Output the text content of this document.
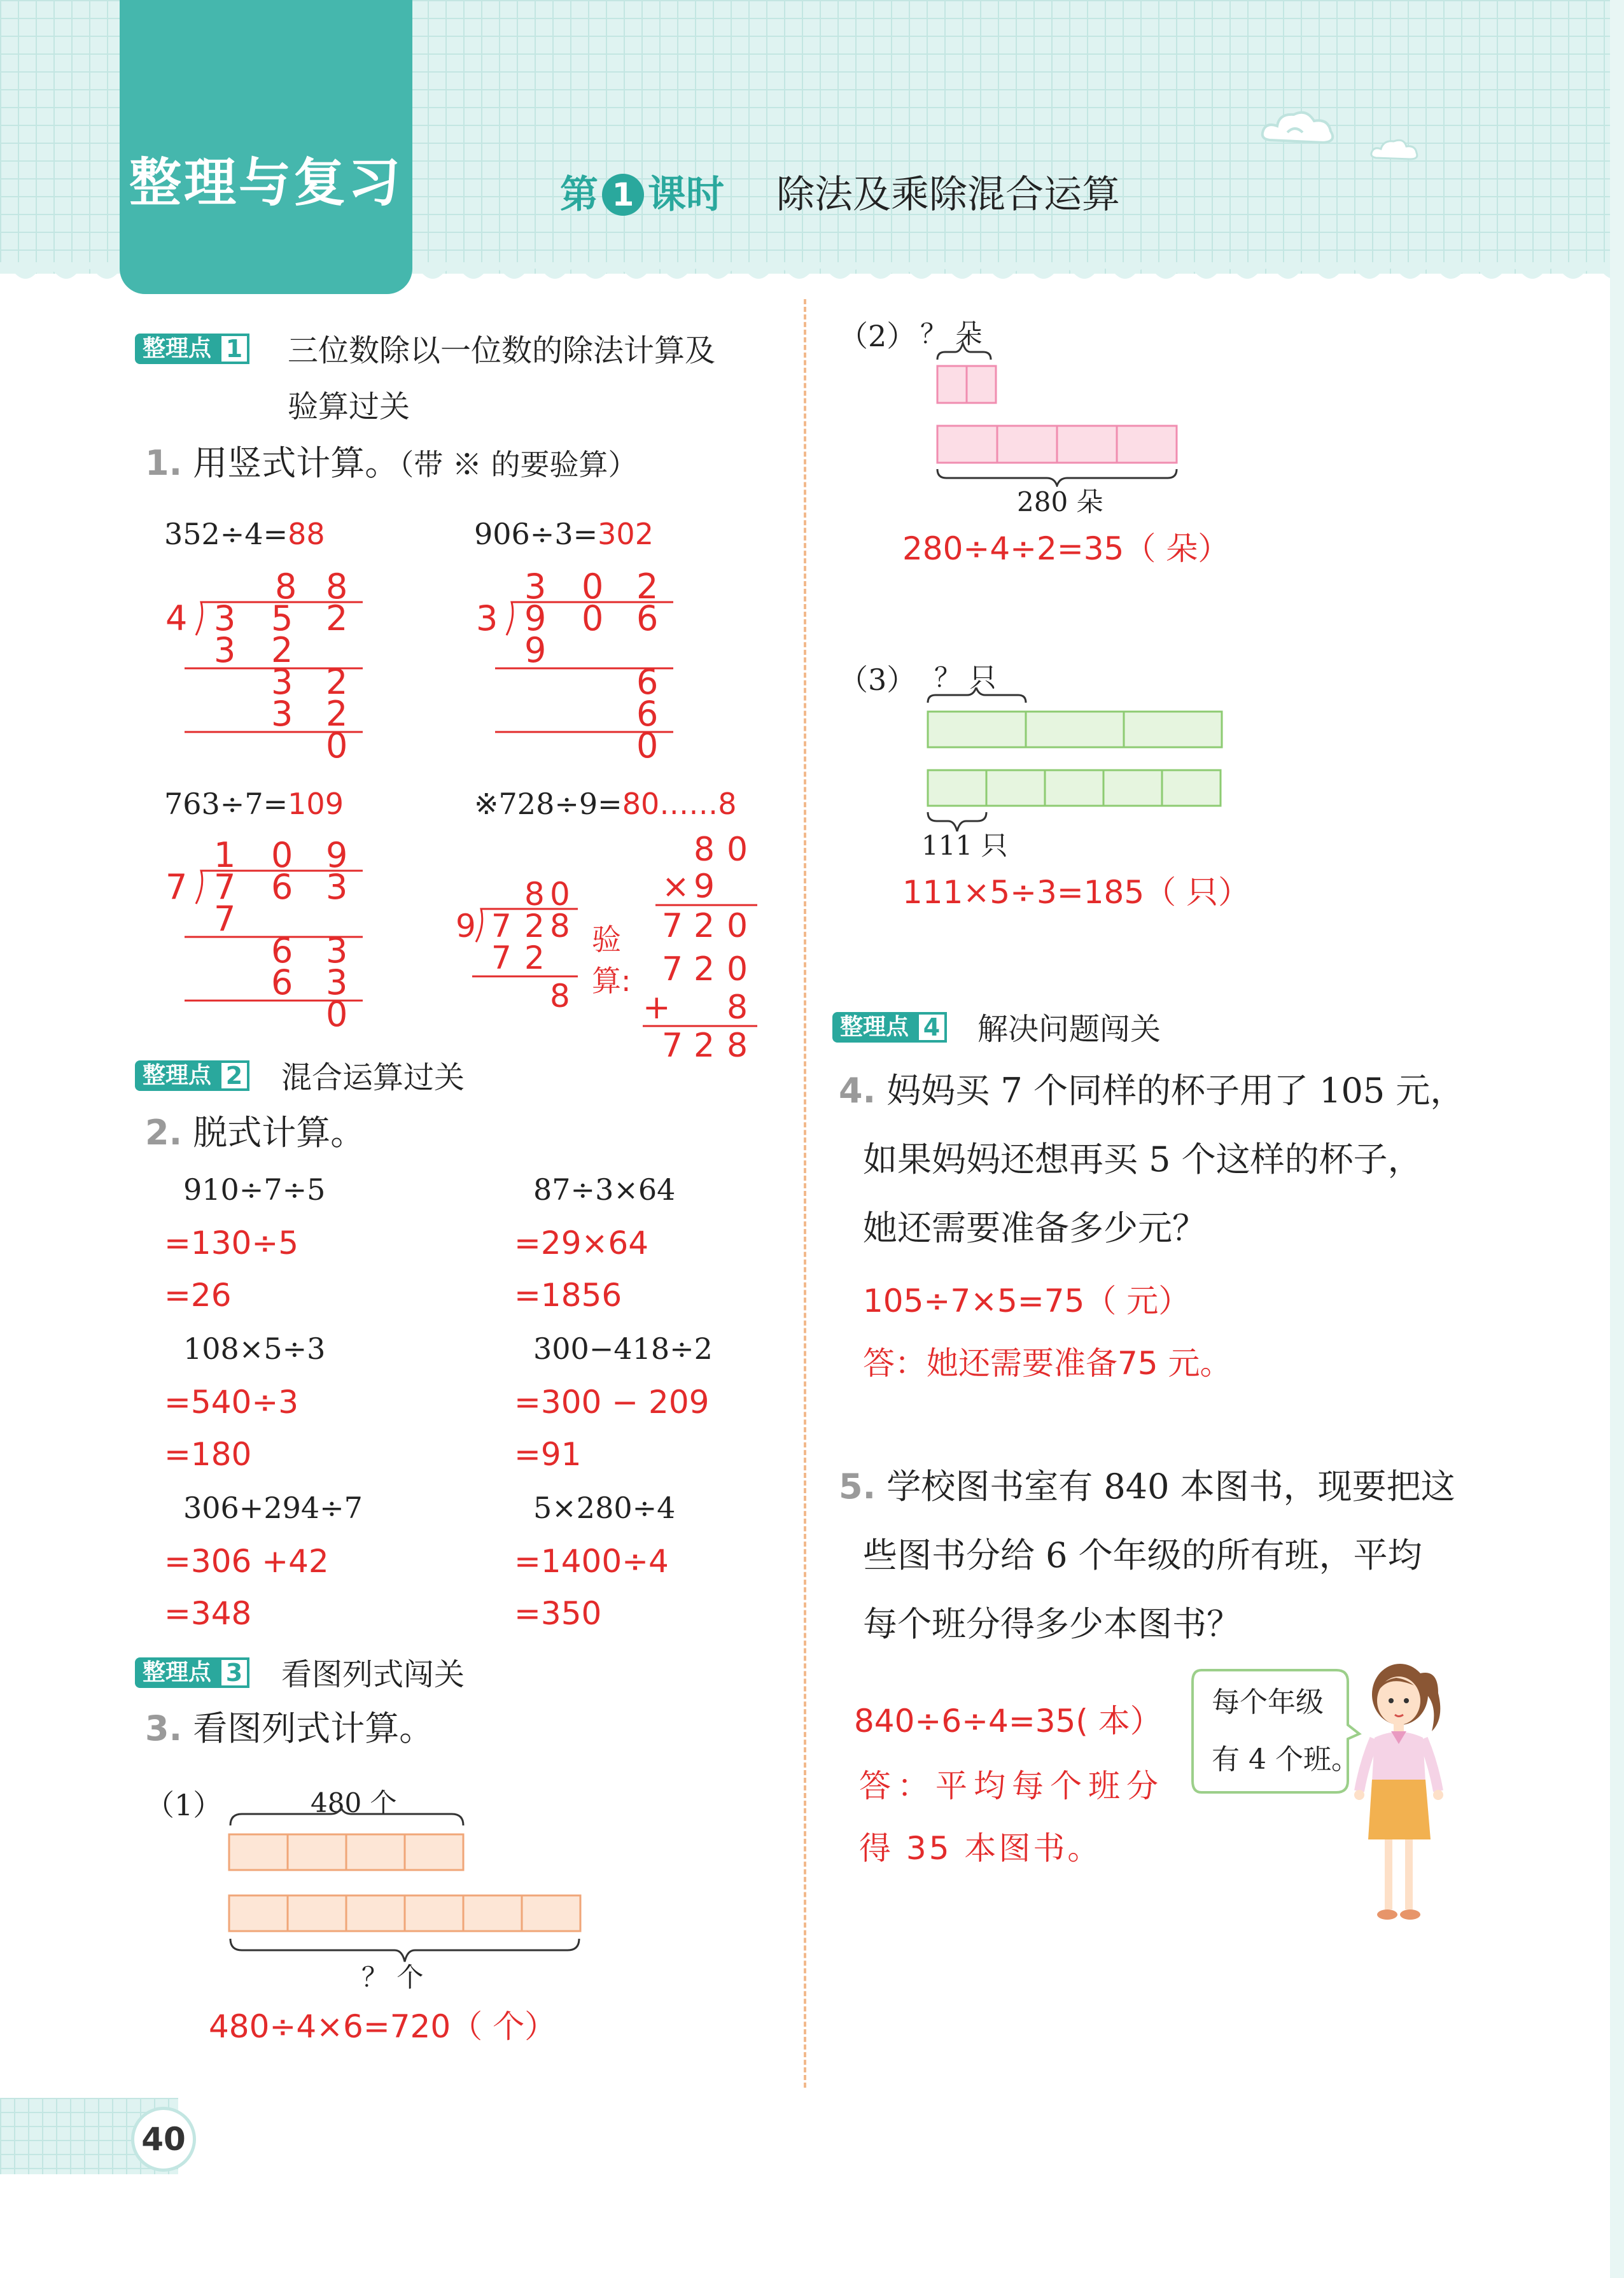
整理与复习	第 1 课时 除法及乘除混合运算
整理点 1 三位数除以一位数的除法计算及
验算过关
1. 用竖式计算。（带 ※ 的要验算）
352÷4=88	906÷3=302
763÷7=109	※728÷9=80……8
8 8
4 3 5 2
3 2
3 2
3 2
0
3 0 2
3 9 0 6
9
6
6
0
1 0 9
7 7 6 3
7
6 3
6 3
0
8 0
9 7 2 8
7 2
8
验
算:
8 0
× 9
7 2 0
7 2 0
+ 8
7 2 8
整理点 2 混合运算过关
2. 脱式计算。
910÷7÷5
=130÷5
=26
87÷3×64
=29×64
=1856
108×5÷3
=540÷3
=180
300−418÷2
=300 − 209
=91
306+294÷7
=306 +42
=348
5×280÷4
=1400÷4
=350
整理点 3 看图列式闯关
3. 看图列式计算。
（1）	480 个
？ 个
480÷4×6=720（ 个）
（2） ？ 朵
280 朵
280÷4÷2=35（ 朵）
（3） ？ 只
111 只
111×5÷3=185（ 只）
整理点 4 解决问题闯关
4. 妈妈买 7 个同样的杯子用了 105 元，
如果妈妈还想再买 5 个这样的杯子，
她还需要准备多少元？
105÷7×5=75（ 元）
答：她还需要准备75 元。
5. 学校图书室有 840 本图书，现要把这
些图书分给 6 个年级的所有班，平均
每个班分得多少本图书？
840÷6÷4=35( 本）
答：平均每个班分
得 35 本图书。
每个年级
有 4 个班。
40
